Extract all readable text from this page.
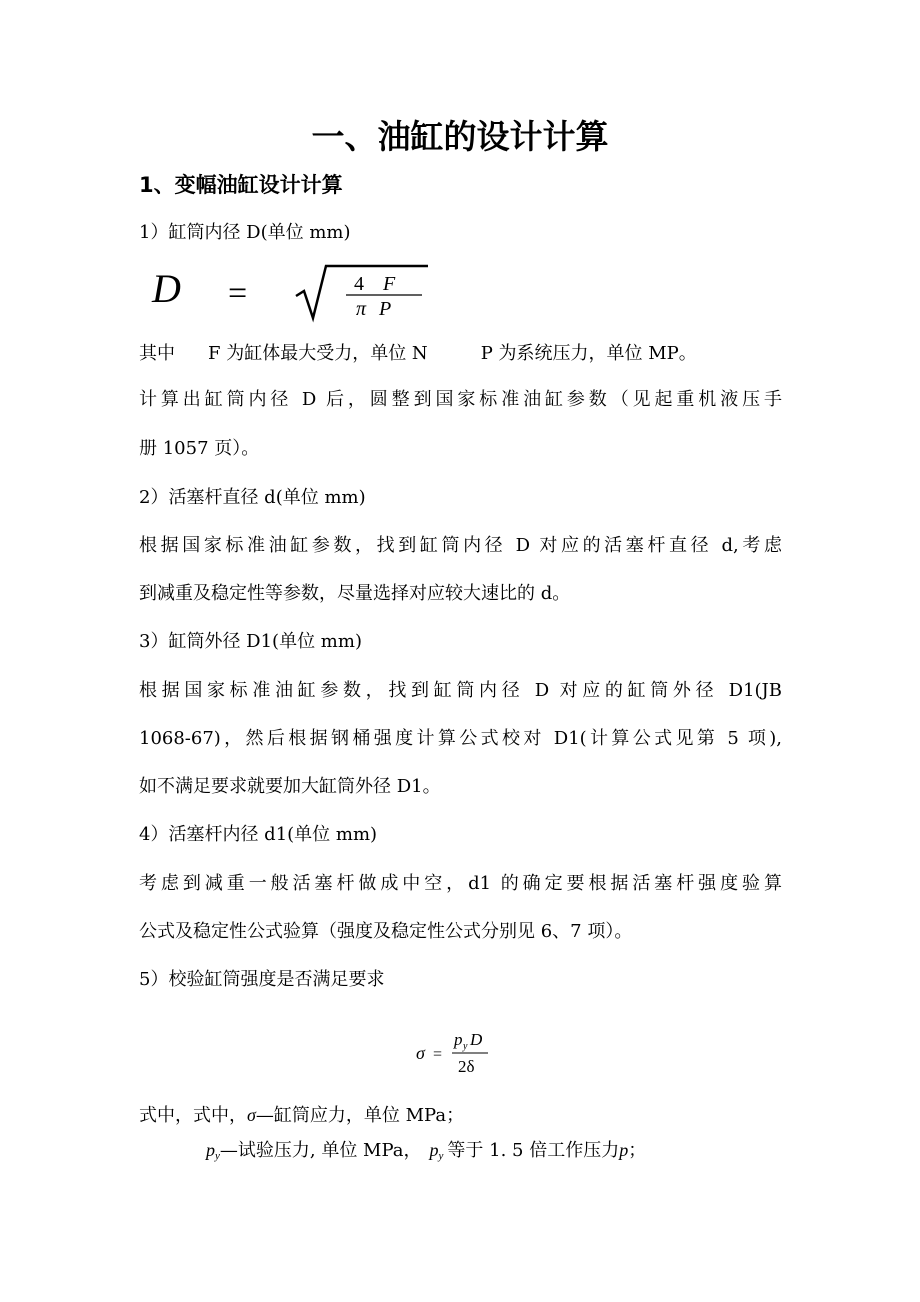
一、油缸的设计计算
1、变幅油缸设计计算
1）缸筒内径 D(单位 mm)
D =	4 F
π P
其中 F 为缸体最大受力，单位 N	P 为系统压力，单位 MP。
计算出缸筒内径 D 后，圆整到国家标准油缸参数（见起重机液压手
册 1057 页）。
2）活塞杆直径 d(单位 mm)
根据国家标准油缸参数，找到缸筒内径 D 对应的活塞杆直径 d,考虑
到减重及稳定性等参数，尽量选择对应较大速比的 d。
3）缸筒外径 D1(单位 mm)
根据国家标准油缸参数，找到缸筒内径 D 对应的缸筒外径 D1(JB
1068-67)，然后根据钢桶强度计算公式校对 D1(计算公式见第 5 项),
如不满足要求就要加大缸筒外径 D1。
4）活塞杆内径 d1(单位 mm)
考虑到减重一般活塞杆做成中空，d1 的确定要根据活塞杆强度验算
公式及稳定性公式验算（强度及稳定性公式分别见 6、7 项）。
5）校验缸筒强度是否满足要求
σ =
p y D
2δ
式中，式中，σ—缸筒应力，单位 MPa；
$p_y—$试验压力, 单位 MPa， $p_y$ 等于 1. 5 倍工作压力p；
